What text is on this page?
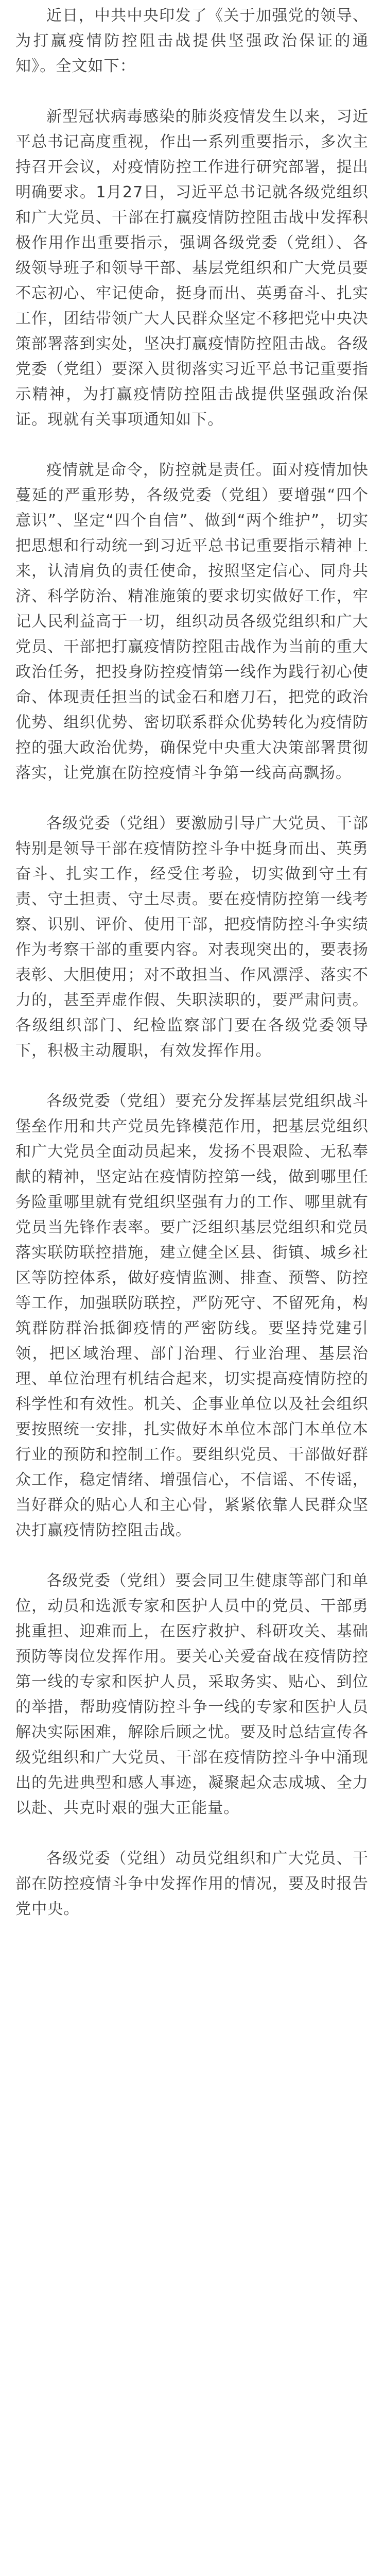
近日，中共中央印发了《关于加强党的领导、为打赢疫情防控阻击战提供坚强政治保证的通知》。全文如下：

新型冠状病毒感染的肺炎疫情发生以来，习近平总书记高度重视，作出一系列重要指示，多次主持召开会议，对疫情防控工作进行研究部署，提出明确要求。1月27日，习近平总书记就各级党组织和广大党员、干部在打赢疫情防控阻击战中发挥积极作用作出重要指示，强调各级党委（党组）、各级领导班子和领导干部、基层党组织和广大党员要不忘初心、牢记使命，挺身而出、英勇奋斗、扎实工作，团结带领广大人民群众坚定不移把党中央决策部署落到实处，坚决打赢疫情防控阻击战。各级党委（党组）要深入贯彻落实习近平总书记重要指示精神，为打赢疫情防控阻击战提供坚强政治保证。现就有关事项通知如下。

疫情就是命令，防控就是责任。面对疫情加快蔓延的严重形势，各级党委（党组）要增强“四个意识”、坚定“四个自信”、做到“两个维护”，切实把思想和行动统一到习近平总书记重要指示精神上来，认清肩负的责任使命，按照坚定信心、同舟共济、科学防治、精准施策的要求切实做好工作，牢记人民利益高于一切，组织动员各级党组织和广大党员、干部把打赢疫情防控阻击战作为当前的重大政治任务，把投身防控疫情第一线作为践行初心使命、体现责任担当的试金石和磨刀石，把党的政治优势、组织优势、密切联系群众优势转化为疫情防控的强大政治优势，确保党中央重大决策部署贯彻落实，让党旗在防控疫情斗争第一线高高飘扬。

各级党委（党组）要激励引导广大党员、干部特别是领导干部在疫情防控斗争中挺身而出、英勇奋斗、扎实工作，经受住考验，切实做到守土有责、守土担责、守土尽责。要在疫情防控第一线考察、识别、评价、使用干部，把疫情防控斗争实绩作为考察干部的重要内容。对表现突出的，要表扬表彰、大胆使用；对不敢担当、作风漂浮、落实不力的，甚至弄虚作假、失职渎职的，要严肃问责。各级组织部门、纪检监察部门要在各级党委领导下，积极主动履职，有效发挥作用。

各级党委（党组）要充分发挥基层党组织战斗堡垒作用和共产党员先锋模范作用，把基层党组织和广大党员全面动员起来，发扬不畏艰险、无私奉献的精神，坚定站在疫情防控第一线，做到哪里任务险重哪里就有党组织坚强有力的工作、哪里就有党员当先锋作表率。要广泛组织基层党组织和党员落实联防联控措施，建立健全区县、街镇、城乡社区等防控体系，做好疫情监测、排查、预警、防控等工作，加强联防联控，严防死守、不留死角，构筑群防群治抵御疫情的严密防线。要坚持党建引领，把区域治理、部门治理、行业治理、基层治理、单位治理有机结合起来，切实提高疫情防控的科学性和有效性。机关、企事业单位以及社会组织要按照统一安排，扎实做好本单位本部门本单位本行业的预防和控制工作。要组织党员、干部做好群众工作，稳定情绪、增强信心，不信谣、不传谣，当好群众的贴心人和主心骨，紧紧依靠人民群众坚决打赢疫情防控阻击战。

各级党委（党组）要会同卫生健康等部门和单位，动员和选派专家和医护人员中的党员、干部勇挑重担、迎难而上，在医疗救护、科研攻关、基础预防等岗位发挥作用。要关心关爱奋战在疫情防控第一线的专家和医护人员，采取务实、贴心、到位的举措，帮助疫情防控斗争一线的专家和医护人员解决实际困难，解除后顾之忧。要及时总结宣传各级党组织和广大党员、干部在疫情防控斗争中涌现出的先进典型和感人事迹，凝聚起众志成城、全力以赴、共克时艰的强大正能量。

各级党委（党组）动员党组织和广大党员、干部在防控疫情斗争中发挥作用的情况，要及时报告党中央。
